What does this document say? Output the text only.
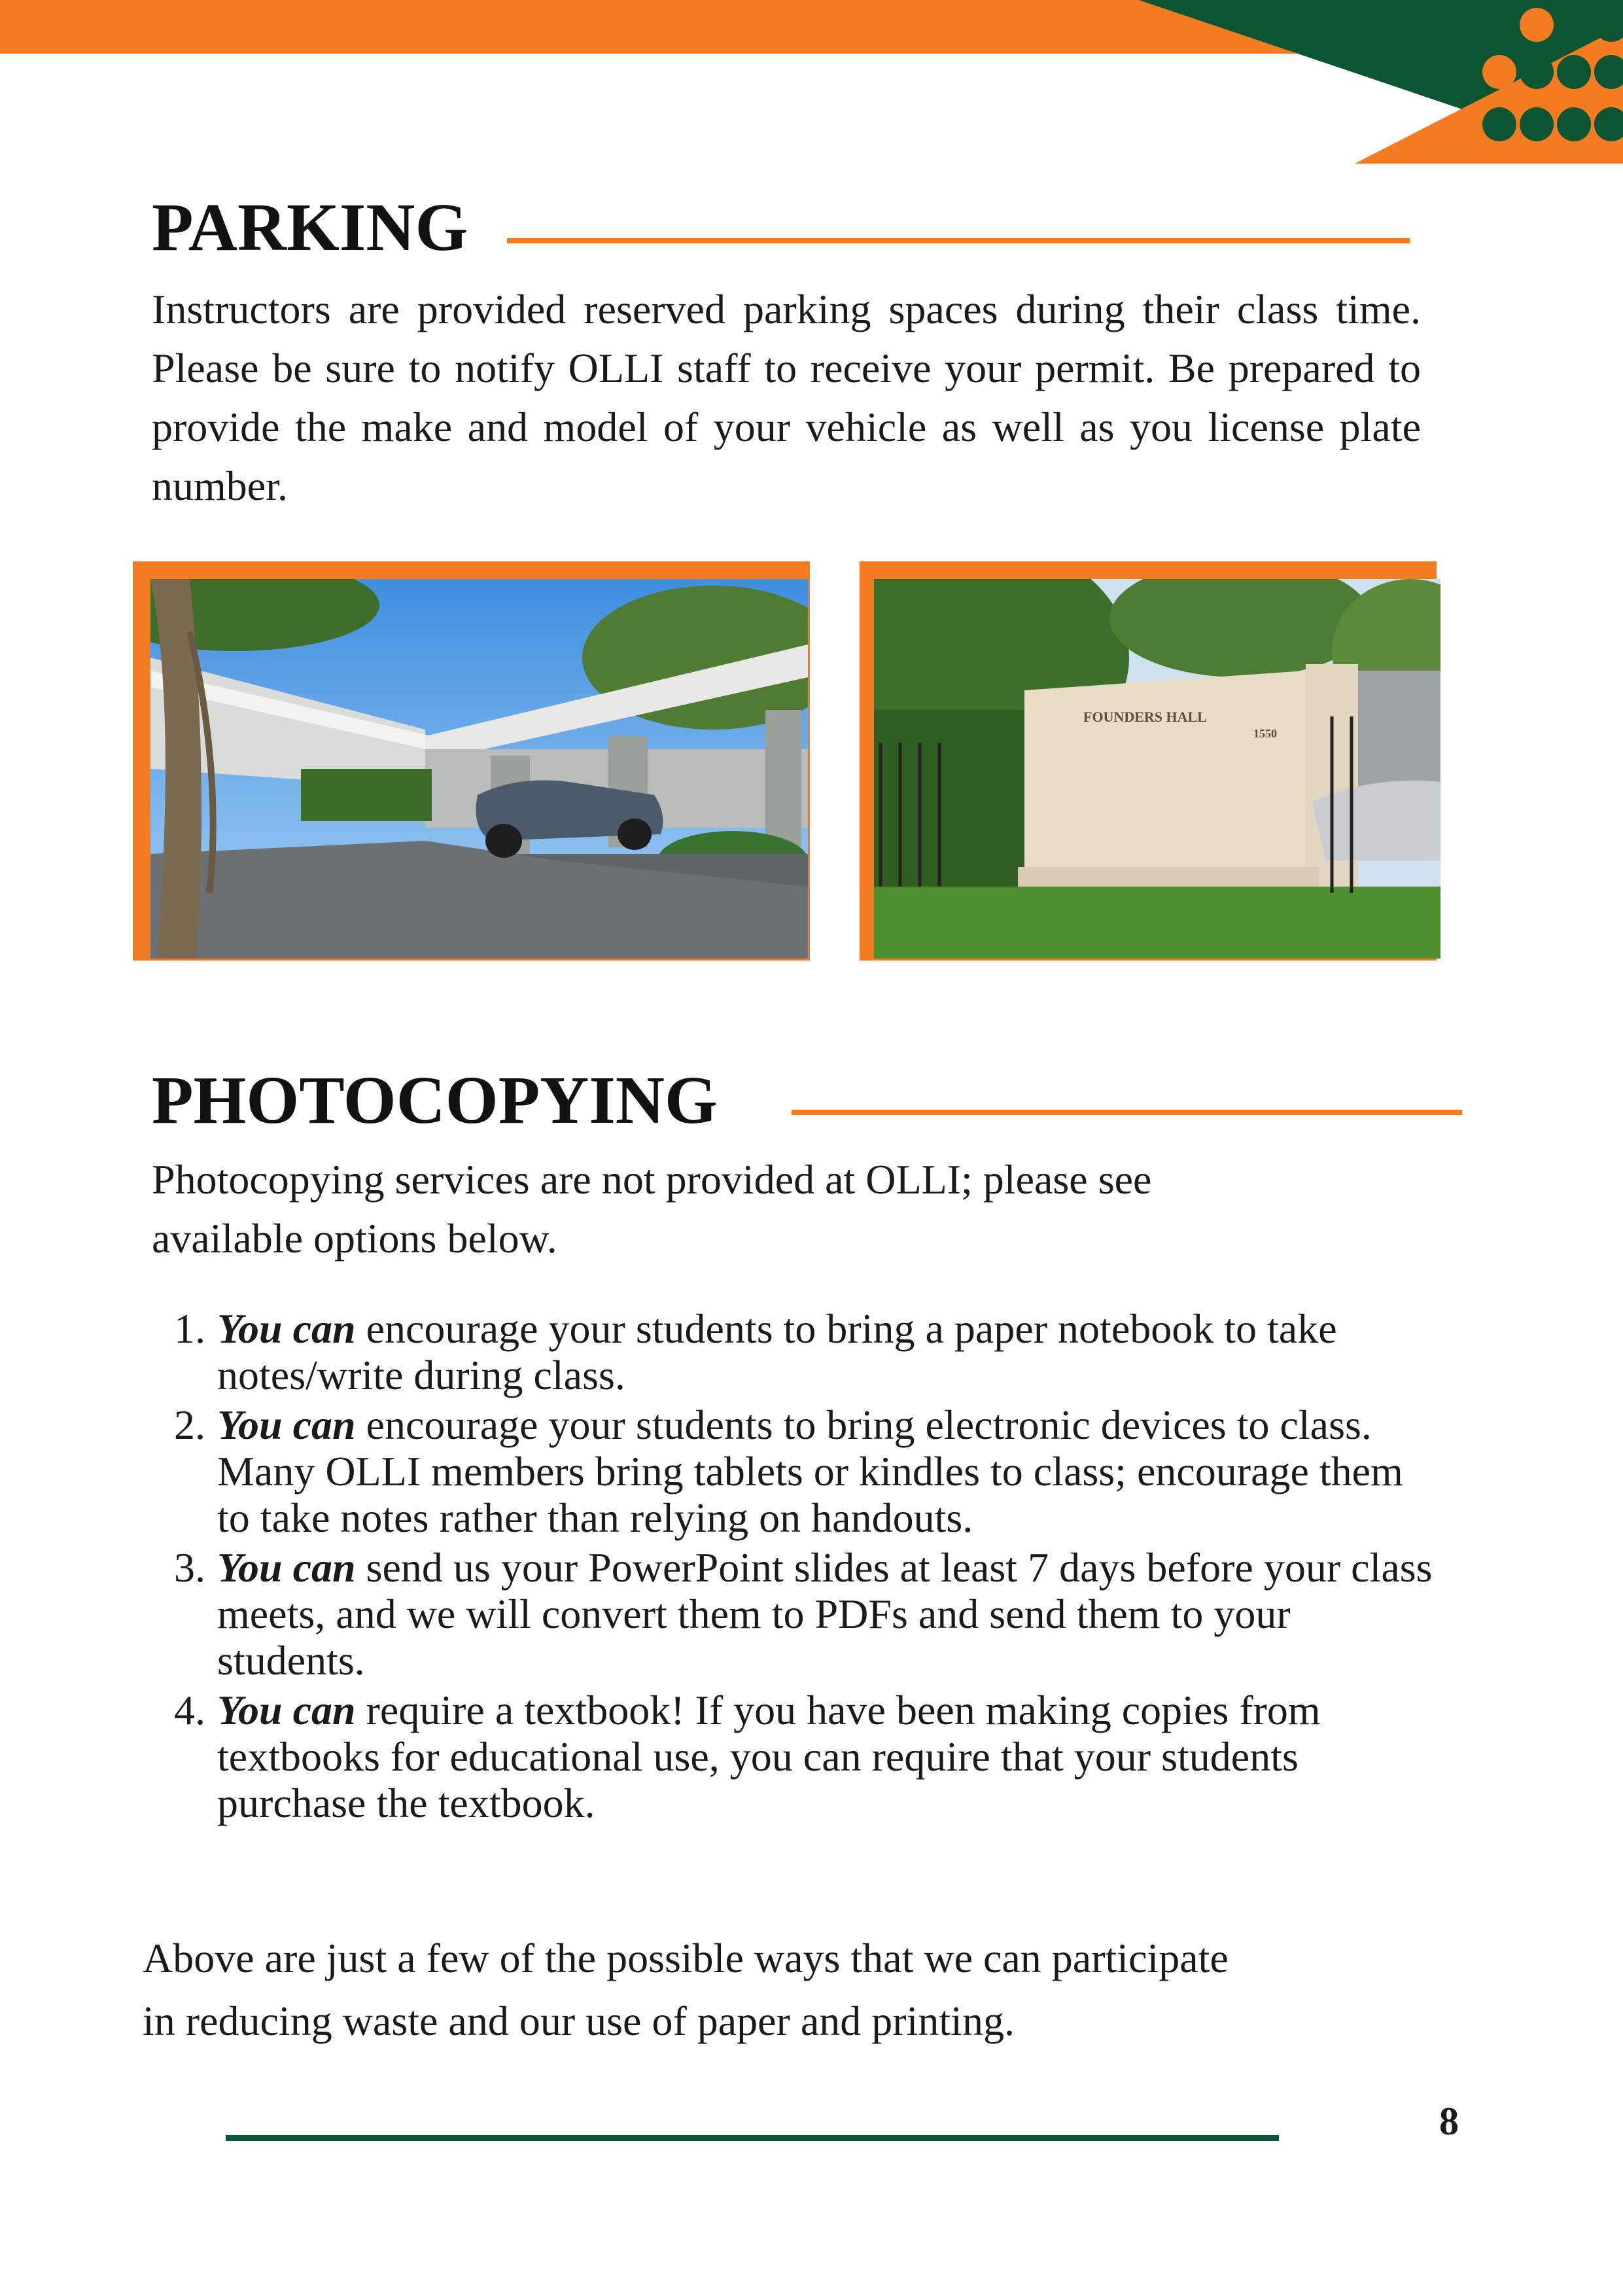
PARKING

Instructors are provided reserved parking spaces during their class time. Please be sure to notify OLLI staff to receive your permit. Be prepared to provide the make and model of your vehicle as well as you license plate number.

FOUNDERS HALL
1550
PHOTOCOPYING

Photocopying services are not provided at OLLI; please see

available options below.

1. You can encourage your students to bring a paper notebook to take notes/write during class.
2. You can encourage your students to bring electronic devices to class. Many OLLI members bring tablets or kindles to class; encourage them to take notes rather than relying on handouts.
3. You can send us your PowerPoint slides at least 7 days before your class meets, and we will convert them to PDFs and send them to your students.
4. You can require a textbook! If you have been making copies from textbooks for educational use, you can require that your students purchase the textbook.

Above are just a few of the possible ways that we can participate

in reducing waste and our use of paper and printing.

8
